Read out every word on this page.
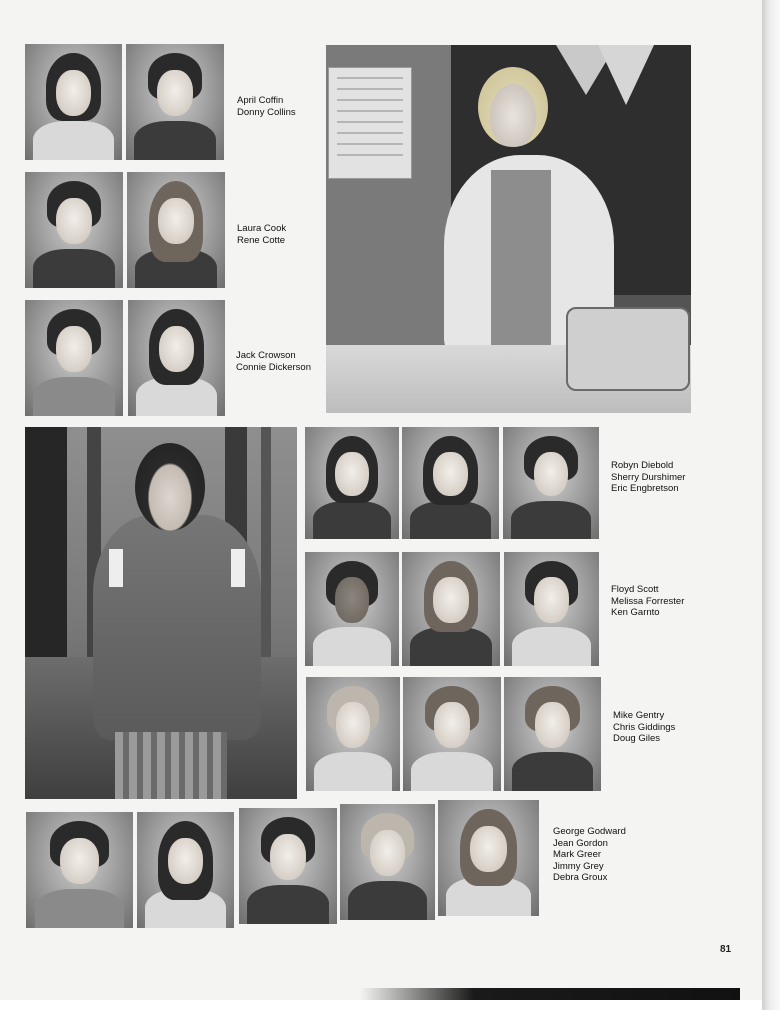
April Coffin
Donny Collins
Laura Cook
Rene Cotte
Jack Crowson
Connie Dickerson
Robyn Diebold
Sherry Durshimer
Eric Engbretson
Floyd Scott
Melissa Forrester
Ken Garnto
Mike Gentry
Chris Giddings
Doug Giles
George Godward
Jean Gordon
Mark Greer
Jimmy Grey
Debra Groux
81
